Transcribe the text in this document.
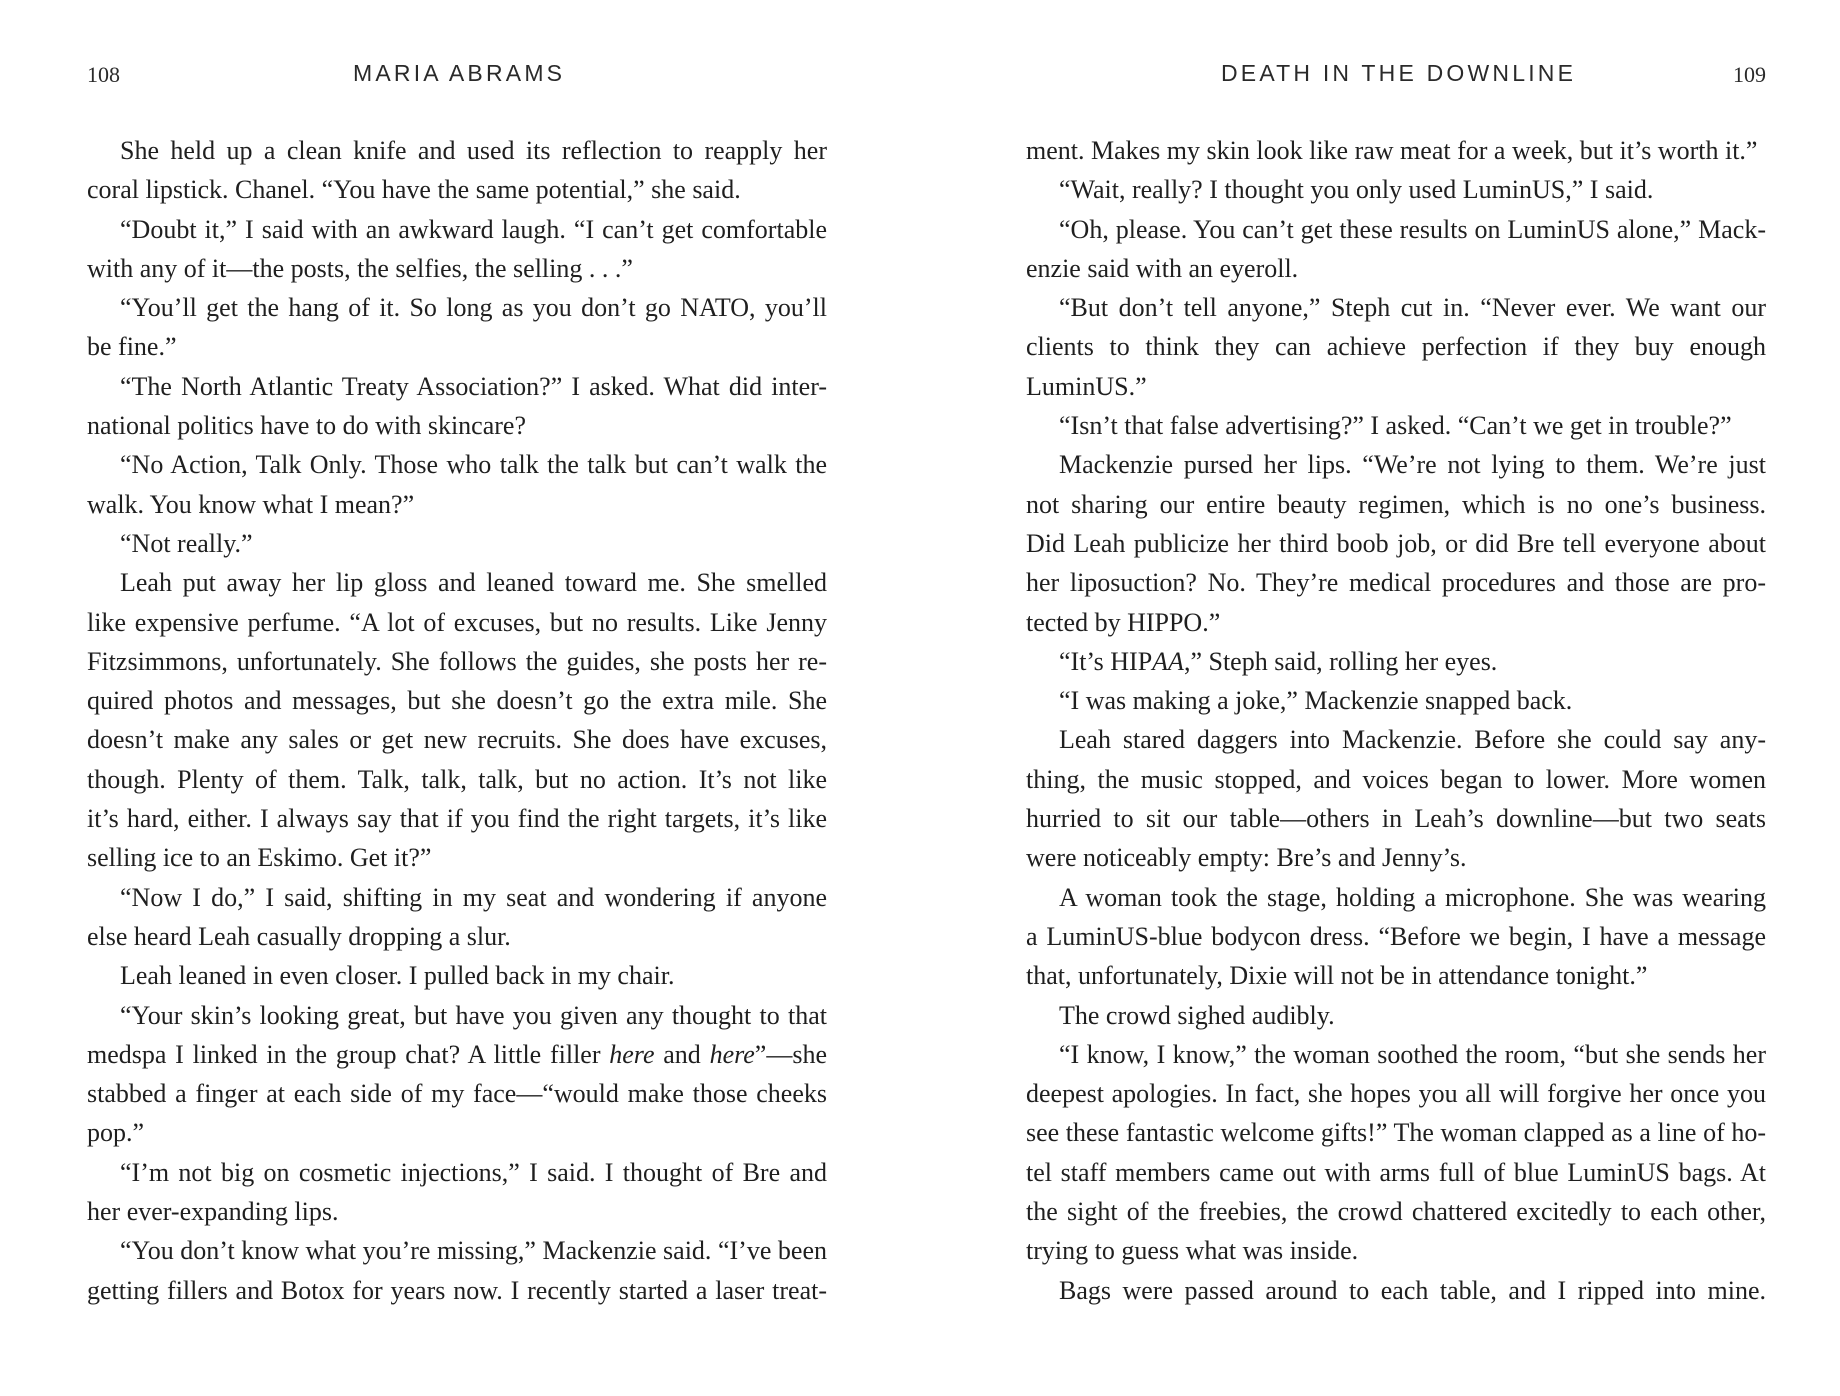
108	MARIA ABRAMS
She held up a clean knife and used its reflection to reapply her
coral lipstick. Chanel. “You have the same potential,” she said.
“Doubt it,” I said with an awkward laugh. “I can’t get comfortable
with any of it—the posts, the selfies, the selling . . .”
“You’ll get the hang of it. So long as you don’t go NATO, you’ll
be fine.”
“The North Atlantic Treaty Association?” I asked. What did inter-
national politics have to do with skincare?
“No Action, Talk Only. Those who talk the talk but can’t walk the
walk. You know what I mean?”
“Not really.”
Leah put away her lip gloss and leaned toward me. She smelled
like expensive perfume. “A lot of excuses, but no results. Like Jenny
Fitzsimmons, unfortunately. She follows the guides, she posts her re-
quired photos and messages, but she doesn’t go the extra mile. She
doesn’t make any sales or get new recruits. She does have excuses,
though. Plenty of them. Talk, talk, talk, but no action. It’s not like
it’s hard, either. I always say that if you find the right targets, it’s like
selling ice to an Eskimo. Get it?”
“Now I do,” I said, shifting in my seat and wondering if anyone
else heard Leah casually dropping a slur.
Leah leaned in even closer. I pulled back in my chair.
“Your skin’s looking great, but have you given any thought to that
medspa I linked in the group chat? A little filler here and here”—she
stabbed a finger at each side of my face—“would make those cheeks
pop.”
“I’m not big on cosmetic injections,” I said. I thought of Bre and
her ever-expanding lips.
“You don’t know what you’re missing,” Mackenzie said. “I’ve been
getting fillers and Botox for years now. I recently started a laser treat-
DEATH IN THE DOWNLINE	109
ment. Makes my skin look like raw meat for a week, but it’s worth it.”
“Wait, really? I thought you only used LuminUS,” I said.
“Oh, please. You can’t get these results on LuminUS alone,” Mack-
enzie said with an eyeroll.
“But don’t tell anyone,” Steph cut in. “Never ever. We want our
clients to think they can achieve perfection if they buy enough
LuminUS.”
“Isn’t that false advertising?” I asked. “Can’t we get in trouble?”
Mackenzie pursed her lips. “We’re not lying to them. We’re just
not sharing our entire beauty regimen, which is no one’s business.
Did Leah publicize her third boob job, or did Bre tell everyone about
her liposuction? No. They’re medical procedures and those are pro-
tected by HIPPO.”
“It’s HIPAA,” Steph said, rolling her eyes.
“I was making a joke,” Mackenzie snapped back.
Leah stared daggers into Mackenzie. Before she could say any-
thing, the music stopped, and voices began to lower. More women
hurried to sit our table—others in Leah’s downline—but two seats
were noticeably empty: Bre’s and Jenny’s.
A woman took the stage, holding a microphone. She was wearing
a LuminUS-blue bodycon dress. “Before we begin, I have a message
that, unfortunately, Dixie will not be in attendance tonight.”
The crowd sighed audibly.
“I know, I know,” the woman soothed the room, “but she sends her
deepest apologies. In fact, she hopes you all will forgive her once you
see these fantastic welcome gifts!” The woman clapped as a line of ho-
tel staff members came out with arms full of blue LuminUS bags. At
the sight of the freebies, the crowd chattered excitedly to each other,
trying to guess what was inside.
Bags were passed around to each table, and I ripped into mine.
